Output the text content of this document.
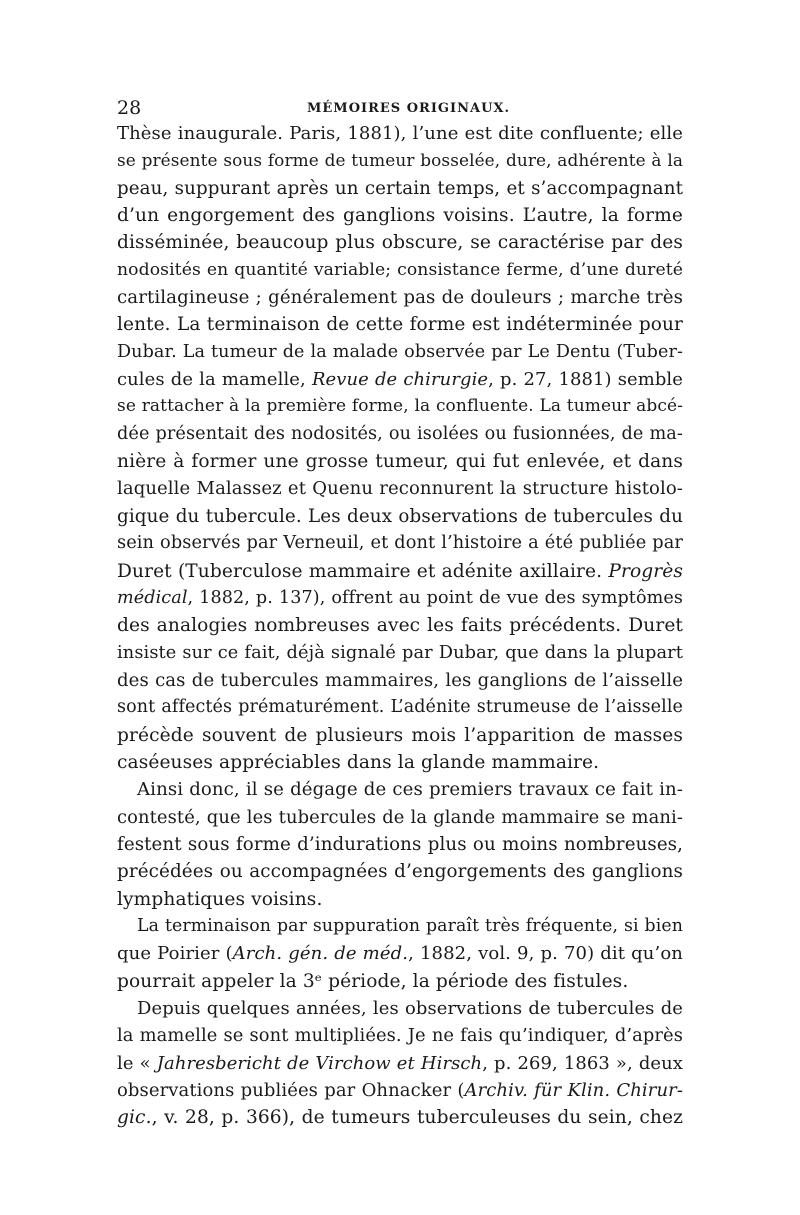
28	MÉMOIRES ORIGINAUX.
Thèse inaugurale. Paris, 1881), l’une est dite confluente; elle
se présente sous forme de tumeur bosselée, dure, adhérente à la
peau, suppurant après un certain temps, et s’accompagnant
d’un engorgement des ganglions voisins. L’autre, la forme
disséminée, beaucoup plus obscure, se caractérise par des
nodosités en quantité variable; consistance ferme, d’une dureté
cartilagineuse ; généralement pas de douleurs ; marche très
lente. La terminaison de cette forme est indéterminée pour
Dubar. La tumeur de la malade observée par Le Dentu (Tuber-
cules de la mamelle, Revue de chirurgie, p. 27, 1881) semble
se rattacher à la première forme, la confluente. La tumeur abcé-
dée présentait des nodosités, ou isolées ou fusionnées, de ma-
nière à former une grosse tumeur, qui fut enlevée, et dans
laquelle Malassez et Quenu reconnurent la structure histolo-
gique du tubercule. Les deux observations de tubercules du
sein observés par Verneuil, et dont l’histoire a été publiée par
Duret (Tuberculose mammaire et adénite axillaire. Progrès
médical, 1882, p. 137), offrent au point de vue des symptômes
des analogies nombreuses avec les faits précédents. Duret
insiste sur ce fait, déjà signalé par Dubar, que dans la plupart
des cas de tubercules mammaires, les ganglions de l’aisselle
sont affectés prématurément. L’adénite strumeuse de l’aisselle
précède souvent de plusieurs mois l’apparition de masses
caséeuses appréciables dans la glande mammaire.
Ainsi donc, il se dégage de ces premiers travaux ce fait in-
contesté, que les tubercules de la glande mammaire se mani-
festent sous forme d’indurations plus ou moins nombreuses,
précédées ou accompagnées d’engorgements des ganglions
lymphatiques voisins.
La terminaison par suppuration paraît très fréquente, si bien
que Poirier (Arch. gén. de méd., 1882, vol. 9, p. 70) dit qu’on
pourrait appeler la 3ᵉ période, la période des fistules.
Depuis quelques années, les observations de tubercules de
la mamelle se sont multipliées. Je ne fais qu’indiquer, d’après
le « Jahresbericht de Virchow et Hirsch, p. 269, 1863 », deux
observations publiées par Ohnacker (Archiv. für Klin. Chirur-
gic., v. 28, p. 366), de tumeurs tuberculeuses du sein, chez
